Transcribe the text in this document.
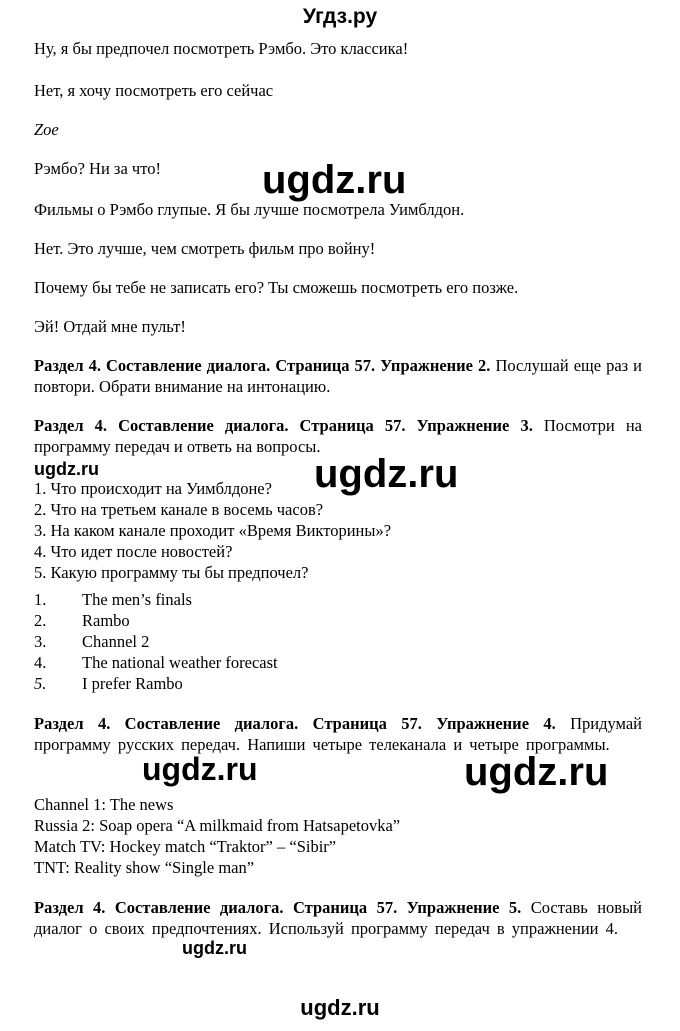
Угдз.ру
Ну, я бы предпочел посмотреть Рэмбо. Это классика!
Нет, я хочу посмотреть его сейчас
Zoe
Рэмбо? Ни за что!
Фильмы о Рэмбо глупые. Я бы лучше посмотрела Уимблдон.
Нет. Это лучше, чем смотреть фильм про войну!
Почему бы тебе не записать его? Ты сможешь посмотреть его позже.
Эй! Отдай мне пульт!
Раздел 4. Составление диалога. Страница 57. Упражнение 2. Послушай еще раз и повтори. Обрати внимание на интонацию.
Раздел 4. Составление диалога. Страница 57. Упражнение 3. Посмотри на программу передач и ответь на вопросы.
1. Что происходит на Уимблдоне?
2. Что на третьем канале в восемь часов?
3. На каком канале проходит «Время Викторины»?
4. Что идет после новостей?
5. Какую программу ты бы предпочел?
1.	The men’s finals
2.	Rambo
3.	Channel 2
4.	The national weather forecast
5.	I prefer Rambo
Раздел 4. Составление диалога. Страница 57. Упражнение 4. Придумай программу русских передач. Напиши четыре телеканала и четыре программы.
Channel 1: The news
Russia 2: Soap opera “A milkmaid from Hatsapetovka”
Match TV: Hockey match “Traktor” – “Sibir”
TNT: Reality show “Single man”
Раздел 4. Составление диалога. Страница 57. Упражнение 5. Составь новый диалог о своих предпочтениях. Используй программу передач в упражнении 4.
ugdz.ru
ugdz.ru	ugdz.ru
ugdz.ru	ugdz.ru
ugdz.ru
ugdz.ru
